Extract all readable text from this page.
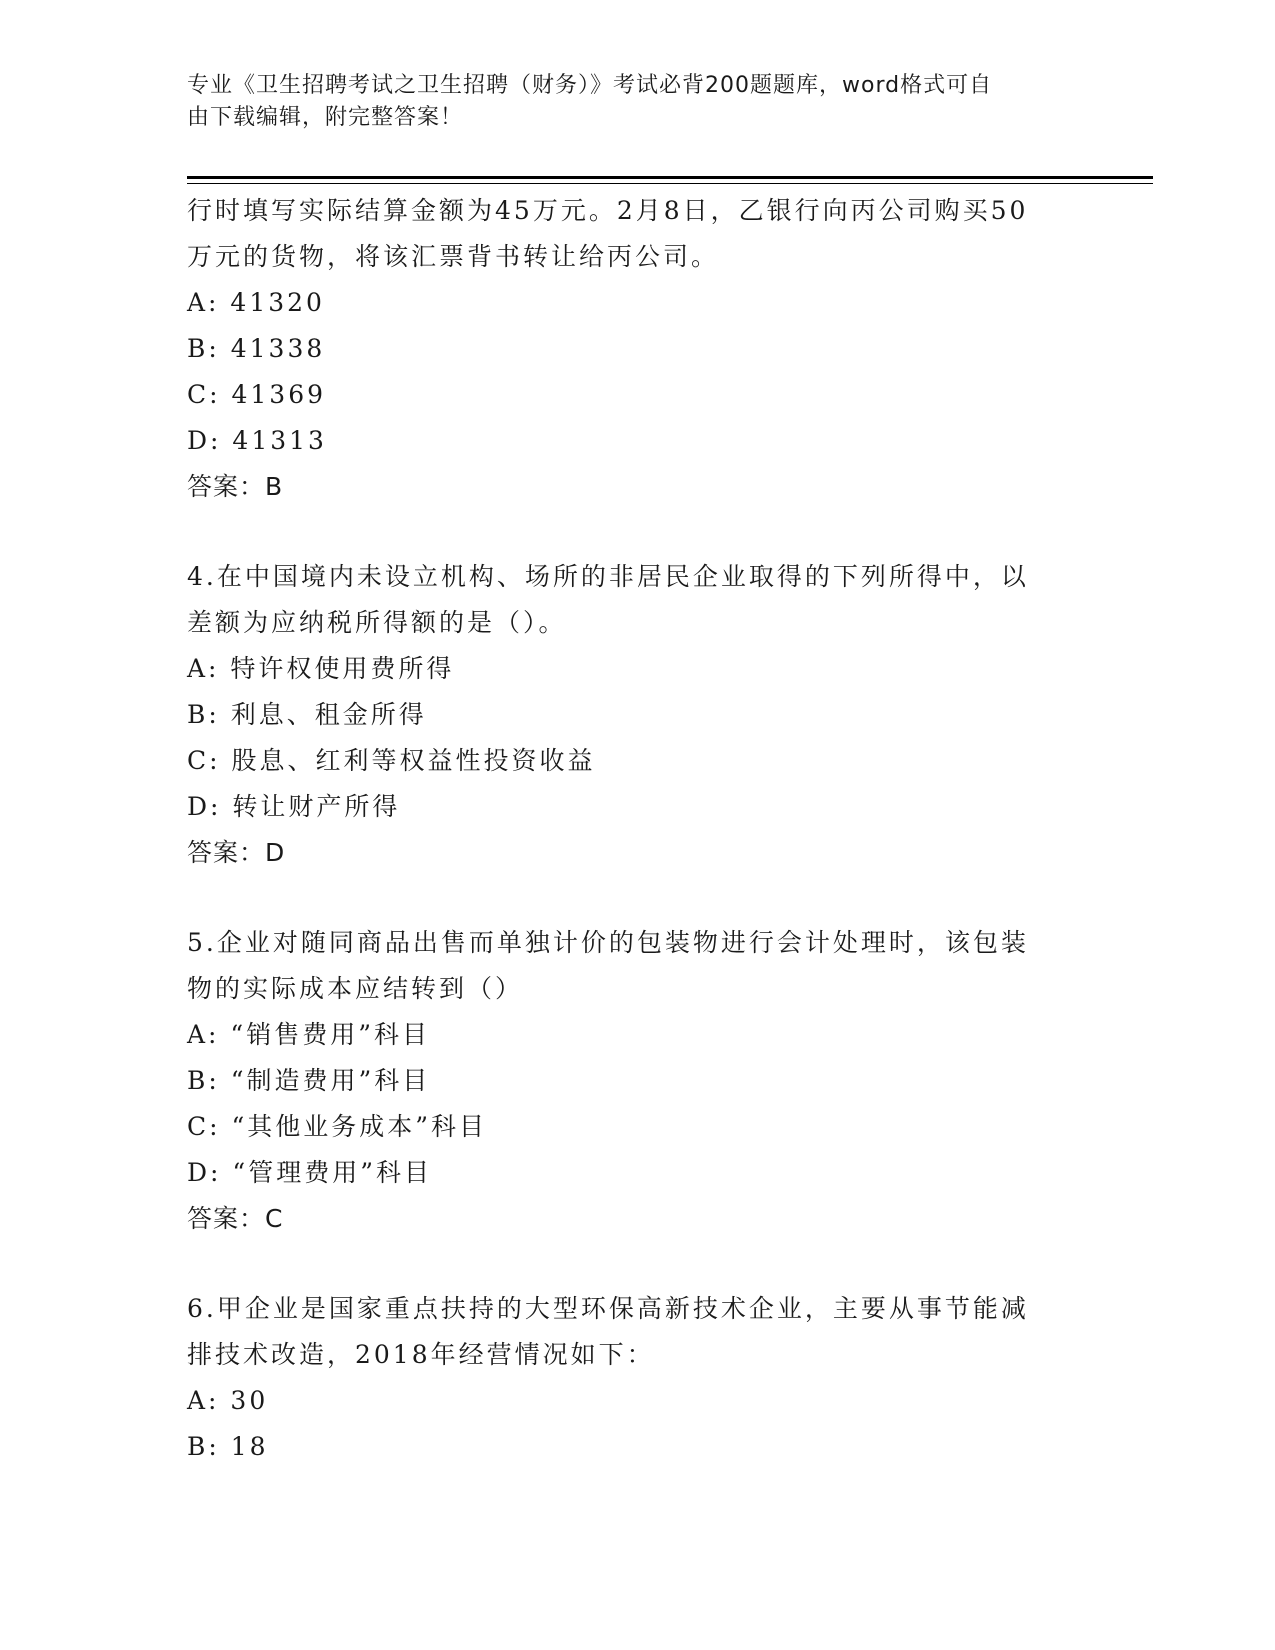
专业《卫生招聘考试之卫生招聘（财务）》考试必背200题题库，word格式可自
由下载编辑，附完整答案！
行时填写实际结算金额为45万元。2月8日，乙银行向丙公司购买50
万元的货物，将该汇票背书转让给丙公司。
A: 41320
B: 41338
C: 41369
D: 41313
答案：B
4.在中国境内未设立机构、场所的非居民企业取得的下列所得中，以
差额为应纳税所得额的是（）。
A: 特许权使用费所得
B: 利息、租金所得
C: 股息、红利等权益性投资收益
D: 转让财产所得
答案：D
5.企业对随同商品出售而单独计价的包装物进行会计处理时，该包装
物的实际成本应结转到（）
A: “销售费用”科目
B: “制造费用”科目
C: “其他业务成本”科目
D: “管理费用”科目
答案：C
6.甲企业是国家重点扶持的大型环保高新技术企业，主要从事节能减
排技术改造，2018年经营情况如下：
A: 30
B: 18
